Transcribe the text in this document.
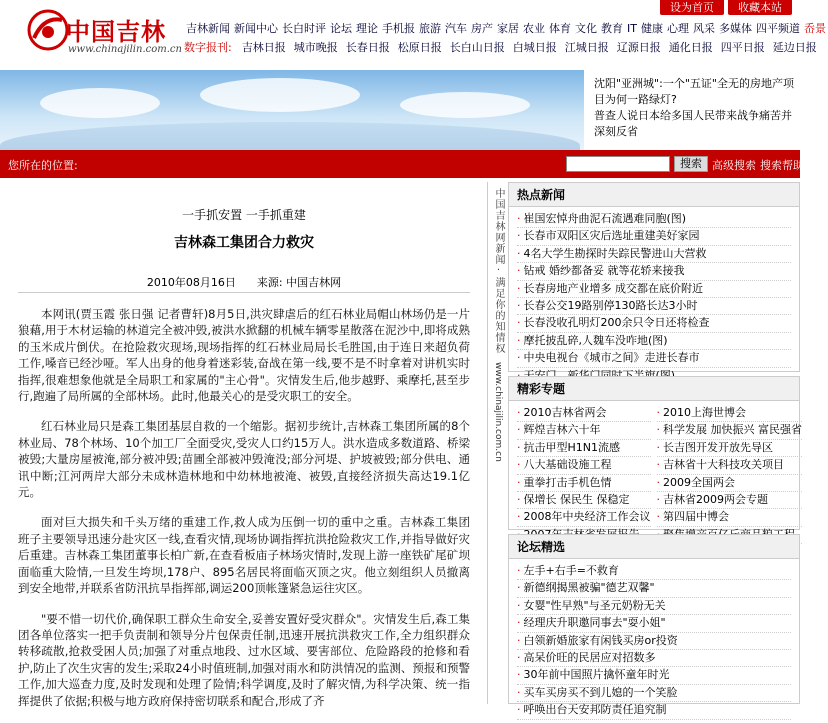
中国吉林
www.chinajilin.com.cn
设为首页	收藏本站
吉林新闻 新闻中心 长白时评 论坛 理论 手机报 旅游 汽车 房产 家居 农业 体育 文化 教育 IT 健康 心理 风采 多媒体 四平频道 岙景
数字报刊: 吉林日报 城市晚报 长春日报 松原日报 长白山日报 白城日报 江城日报 辽源日报 通化日报 四平日报 延边日报
沈阳"亚洲城":一个"五证"全无的房地产项
目为何一路绿灯?
普查人说日本给多国人民带来战争痛苦并
深刻反省
您所在的位置:	搜索 高级搜索 搜索帮助
一手抓安置 一手抓重建
吉林森工集团合力救灾
2010年08月16日 来源: 中国吉林网

本网讯(贾玉霞 张日强 记者曹轩)8月5日,洪灾肆虐后的红石林业局帽山林场仍是一片狼藉,用于木材运输的林道完全被冲毁,被洪水掀翻的机械车辆零星散落在泥沙中,即将成熟的玉米成片倒伏。在抢险救灾现场,现场指挥的红石林业局局长毛胜国,由于连日来超负荷工作,嗓音已经沙哑。军人出身的他身着迷彩装,奋战在第一线,要不是不时拿着对讲机实时指挥,很难想象他就是全局职工和家属的"主心骨"。灾情发生后,他步越野、乘摩托,甚至步行,跑遍了局所属的全部林场。此时,他最关心的是受灾职工的安全。

红石林业局只是森工集团基层自救的一个缩影。据初步统计,吉林森工集团所属的8个林业局、78个林场、10个加工厂全面受灾,受灾人口约15万人。洪水造成多数道路、桥梁被毁;大量房屋被淹,部分被冲毁;苗圃全部被冲毁淹没;部分河堤、护坡被毁;部分供电、通讯中断;江河两岸大部分未成林造林地和中幼林地被淹、被毁,直接经济损失高达19.1亿元。

面对巨大损失和千头万绪的重建工作,救人成为压倒一切的重中之重。吉林森工集团班子主要领导迅速分赴灾区一线,查看灾情,现场协调指挥抗洪抢险救灾工作,并指导做好灾后重建。吉林森工集团董事长柏广新,在查看板庙子林场灾情时,发现上游一座铁矿尾矿坝面临重大险情,一旦发生垮坝,178户、895名居民将面临灭顶之灾。他立刻组织人员撤离到安全地带,并联系省防汛抗旱指挥部,调运200顶帐篷紧急运往灾区。

"要不惜一切代价,确保职工群众生命安全,妥善安置好受灾群众"。灾情发生后,森工集团各单位落实一把手负责制和领导分片包保责任制,迅速开展抗洪救灾工作,全力组织群众转移疏散,抢救受困人员;加强了对重点地段、过水区域、要害部位、危险路段的抢修和看护,防止了次生灾害的发生;采取24小时值班制,加强对雨水和防洪情况的监测、预报和预警工作,加大巡查力度,及时发现和处理了险情;科学调度,及时了解灾情,为科学决策、统一指挥提供了依据;积极与地方政府保持密切联系和配合,形成了齐

中国吉林网新闻·满足你的知情权
www.chinajilin.com.cn
热点新闻
· 崔国宏悼舟曲泥石流遇难同胞(图)
· 长春市双阳区灾后选址重建美好家园
· 4名大学生勘探时失踪民警进山大营救
· 钻戒 婚纱都备妥 就等花轿来接我
· 长春房地产业增多 成交都在底价附近
· 长春公交19路别停130路长达3小时
· 长春没收孔明灯200余只令日还将检查
· 摩托披乱碎,人魏车没咋地(图)
· 中央电视台《城市之间》走进长春市
·
精彩专题
· 2010吉林省两会	· 2010上海世博会
· 辉煌吉林六十年	· 科学发展 加快振兴 富民强省
· 抗击甲型H1N1流感	· 长吉图开发开放先导区
· 八大基础设施工程	· 吉林省十大科技攻关项目
· 重拳打击手机色情	· 2009全国两会
· 保增长 保民生 保稳定	· 吉林省2009两会专题
· 2008年中央经济工作会议	· 第四届中博会
·
·
论坛精选
· 左手+右手=不救育
· 新德纲揭黑被骗"德艺双馨"
· 女婴"性早熟"与圣元奶粉无关
· 经理庆升职邀同事去"耍小姐"
· 白领新婚旅家有闲钱买房or投资
· 高呆价旺的民居应对招数多
· 30年前中国照片擒怀童年时光
· 买车买房买不到儿媳的一个笑脸
· 呼唤出台天安邦防责任追究制
